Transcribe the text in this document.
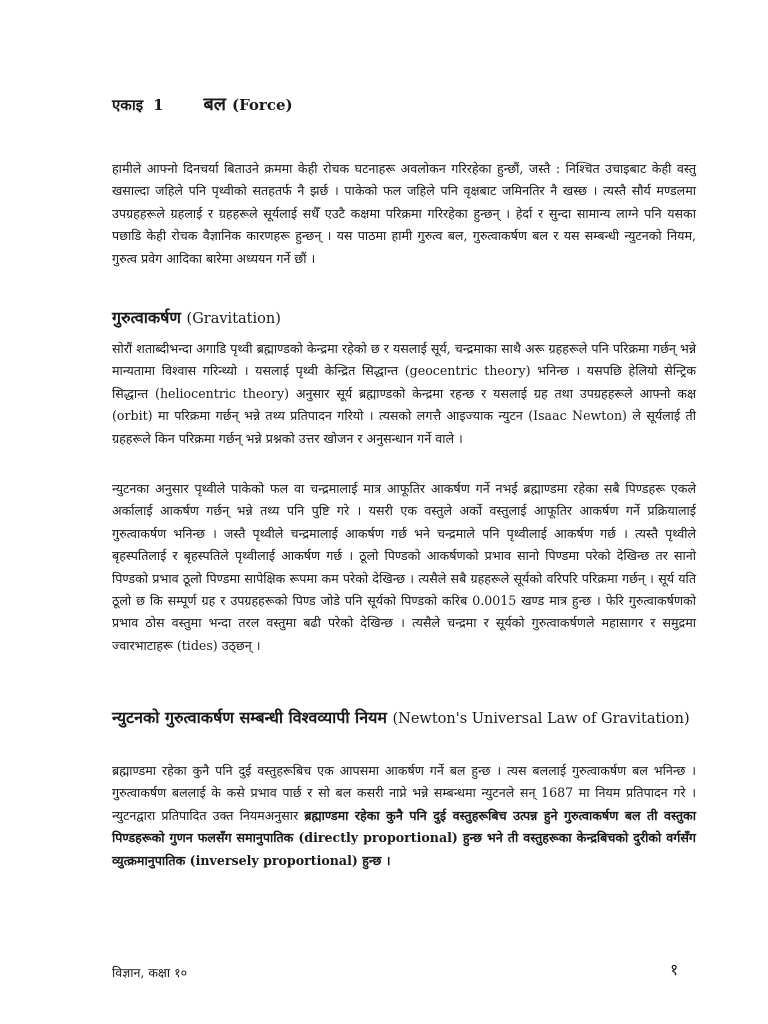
एकाइ 1 बल (Force)

हामीले आफ्नो दिनचर्या बिताउने क्रममा केही रोचक घटनाहरू अवलोकन गरिरहेका हुन्छौं, जस्तै : निश्चित उचाइबाट केही वस्तु खसाल्दा जहिले पनि पृथ्वीको सतहतर्फ नै झर्छ । पाकेको फल जहिले पनि वृक्षबाट जमिनतिर नै खस्छ । त्यस्तै सौर्य मण्डलमा उपग्रहहरूले ग्रहलाई र ग्रहहरूले सूर्यलाई सधैँ एउटै कक्षमा परिक्रमा गरिरहेका हुन्छन् । हेर्दा र सुन्दा सामान्य लाग्ने पनि यसका पछाडि केही रोचक वैज्ञानिक कारणहरू हुन्छन् । यस पाठमा हामी गुरुत्व बल, गुरुत्वाकर्षण बल र यस सम्बन्धी न्युटनको नियम, गुरुत्व प्रवेग आदिका बारेमा अध्ययन गर्ने छौं ।

गुरुत्वाकर्षण (Gravitation)

सोरौं शताब्दीभन्दा अगाडि पृथ्वी ब्रह्माण्डको केन्द्रमा रहेको छ र यसलाई सूर्य, चन्द्रमाका साथै अरू ग्रहहरूले पनि परिक्रमा गर्छन् भन्ने मान्यतामा विश्वास गरिन्थ्यो । यसलाई पृथ्वी केन्द्रित सिद्धान्त (geocentric theory) भनिन्छ । यसपछि हेलियो सेन्ट्रिक सिद्धान्त (heliocentric theory) अनुसार सूर्य ब्रह्माण्डको केन्द्रमा रहन्छ र यसलाई ग्रह तथा उपग्रहहरूले आफ्नो कक्ष (orbit) मा परिक्रमा गर्छन् भन्ने तथ्य प्रतिपादन गरियो । त्यसको लगत्तै आइज्याक न्युटन (Isaac Newton) ले सूर्यलाई ती ग्रहहरूले किन परिक्रमा गर्छन् भन्ने प्रश्नको उत्तर खोजन र अनुसन्धान गर्ने वाले ।

न्युटनका अनुसार पृथ्वीले पाकेको फल वा चन्द्रमालाई मात्र आफूतिर आकर्षण गर्ने नभई ब्रह्माण्डमा रहेका सबै पिण्डहरू एकले अर्कालाई आकर्षण गर्छन् भन्ने तथ्य पनि पुष्टि गरे । यसरी एक वस्तुले अर्को वस्तुलाई आफूतिर आकर्षण गर्ने प्रक्रियालाई गुरुत्वाकर्षण भनिन्छ । जस्तै पृथ्वीले चन्द्रमालाई आकर्षण गर्छ भने चन्द्रमाले पनि पृथ्वीलाई आकर्षण गर्छ । त्यस्तै पृथ्वीले बृहस्पतिलाई र बृहस्पतिले पृथ्वीलाई आकर्षण गर्छ । ठूलो पिण्डको आकर्षणको प्रभाव सानो पिण्डमा परेको देखिन्छ तर सानो पिण्डको प्रभाव ठूलो पिण्डमा सापेक्षिक रूपमा कम परेको देखिन्छ । त्यसैले सबै ग्रहहरूले सूर्यको वरिपरि परिक्रमा गर्छन् । सूर्य यति ठूलो छ कि सम्पूर्ण ग्रह र उपग्रहहरूको पिण्ड जोडे पनि सूर्यको पिण्डको करिब 0.0015 खण्ड मात्र हुन्छ । फेरि गुरुत्वाकर्षणको प्रभाव ठोस वस्तुमा भन्दा तरल वस्तुमा बढी परेको देखिन्छ । त्यसैले चन्द्रमा र सूर्यको गुरुत्वाकर्षणले महासागर र समुद्रमा ज्वारभाटाहरू (tides) उठ्छन् ।

न्युटनको गुरुत्वाकर्षण सम्बन्धी विश्वव्यापी नियम (Newton's Universal Law of Gravitation)

ब्रह्माण्डमा रहेका कुनै पनि दुई वस्तुहरूबिच एक आपसमा आकर्षण गर्ने बल हुन्छ । त्यस बललाई गुरुत्वाकर्षण बल भनिन्छ । गुरुत्वाकर्षण बललाई के कसे प्रभाव पार्छ र सो बल कसरी नाप्ने भन्ने सम्बन्धमा न्युटनले सन् 1687 मा नियम प्रतिपादन गरे । न्युटनद्वारा प्रतिपादित उक्त नियमअनुसार ब्रह्माण्डमा रहेका कुनै पनि दुई वस्तुहरूबिच उत्पन्न हुने गुरुत्वाकर्षण बल ती वस्तुका पिण्डहरूको गुणन फलसँग समानुपातिक (directly proportional) हुन्छ भने ती वस्तुहरूका केन्द्रबिचको दुरीको वर्गसँग व्युत्क्रमानुपातिक (inversely proportional) हुन्छ ।

विज्ञान, कक्षा १०	१
